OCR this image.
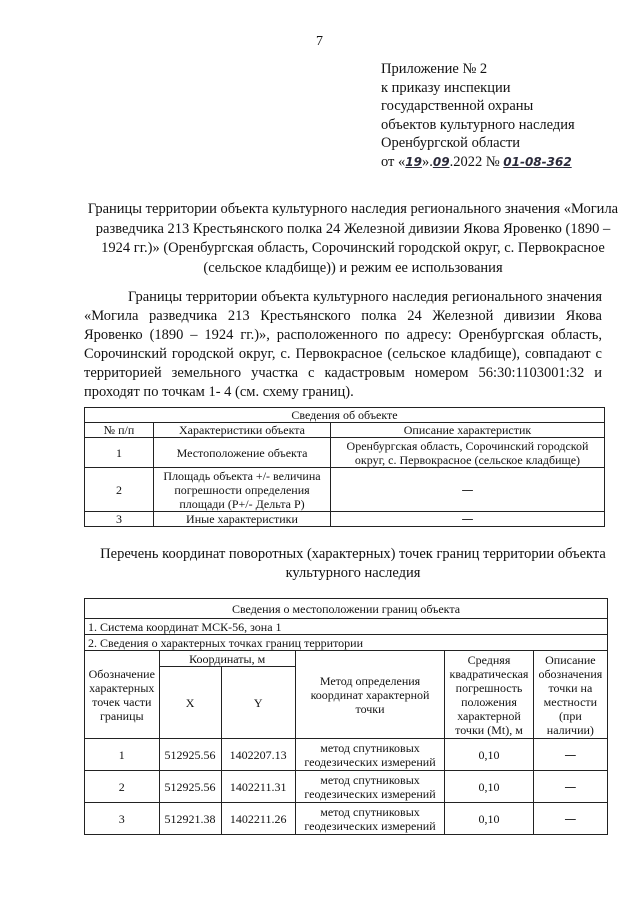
7
Приложение № 2
к приказу инспекции
государственной охраны
объектов культурного наследия
Оренбургской области
от «19».09.2022 № 01-08-362
Границы территории объекта культурного наследия регионального значения «Могила разведчика 213 Крестьянского полка 24 Железной дивизии Якова Яровенко (1890 – 1924 гг.)» (Оренбургская область, Сорочинский городской округ, с. Первокрасное (сельское кладбище)) и режим ее использования
Границы территории объекта культурного наследия регионального значения «Могила разведчика 213 Крестьянского полка 24 Железной дивизии Якова Яровенко (1890 – 1924 гг.)», расположенного по адресу: Оренбургская область, Сорочинский городской округ, с. Первокрасное (сельское кладбище), совпадают с территорией земельного участка с кадастровым номером 56:30:1103001:32 и проходят по точкам 1- 4 (см. схему границ).
Сведения об объекте		
№ п/п	Характеристики объекта	Описание характеристик
1	Местоположение объекта	Оренбургская область, Сорочинский городской округ, с. Первокрасное (сельское кладбище)
2	Площадь объекта +/- величина погрешности определения площади (Р+/- Дельта Р)	—
3	Иные характеристики	—
Перечень координат поворотных (характерных) точек границ территории объекта культурного наследия
Сведения о местоположении границ объекта					
1. Система координат МСК-56, зона 1					
2. Сведения о характерных точках границ территории					
Обозначение характерных точек части границы	Координаты, м		Метод определения координат характерной точки	Средняя квадратическая погрешность положения характерной точки (Mt), м	Описание обозначения точки на местности (при наличии)
	X	Y			
1	512925.56	1402207.13	метод спутниковых геодезических измерений	0,10	—
2	512925.56	1402211.31	метод спутниковых геодезических измерений	0,10	—
3	512921.38	1402211.26	метод спутниковых геодезических измерений	0,10	—
